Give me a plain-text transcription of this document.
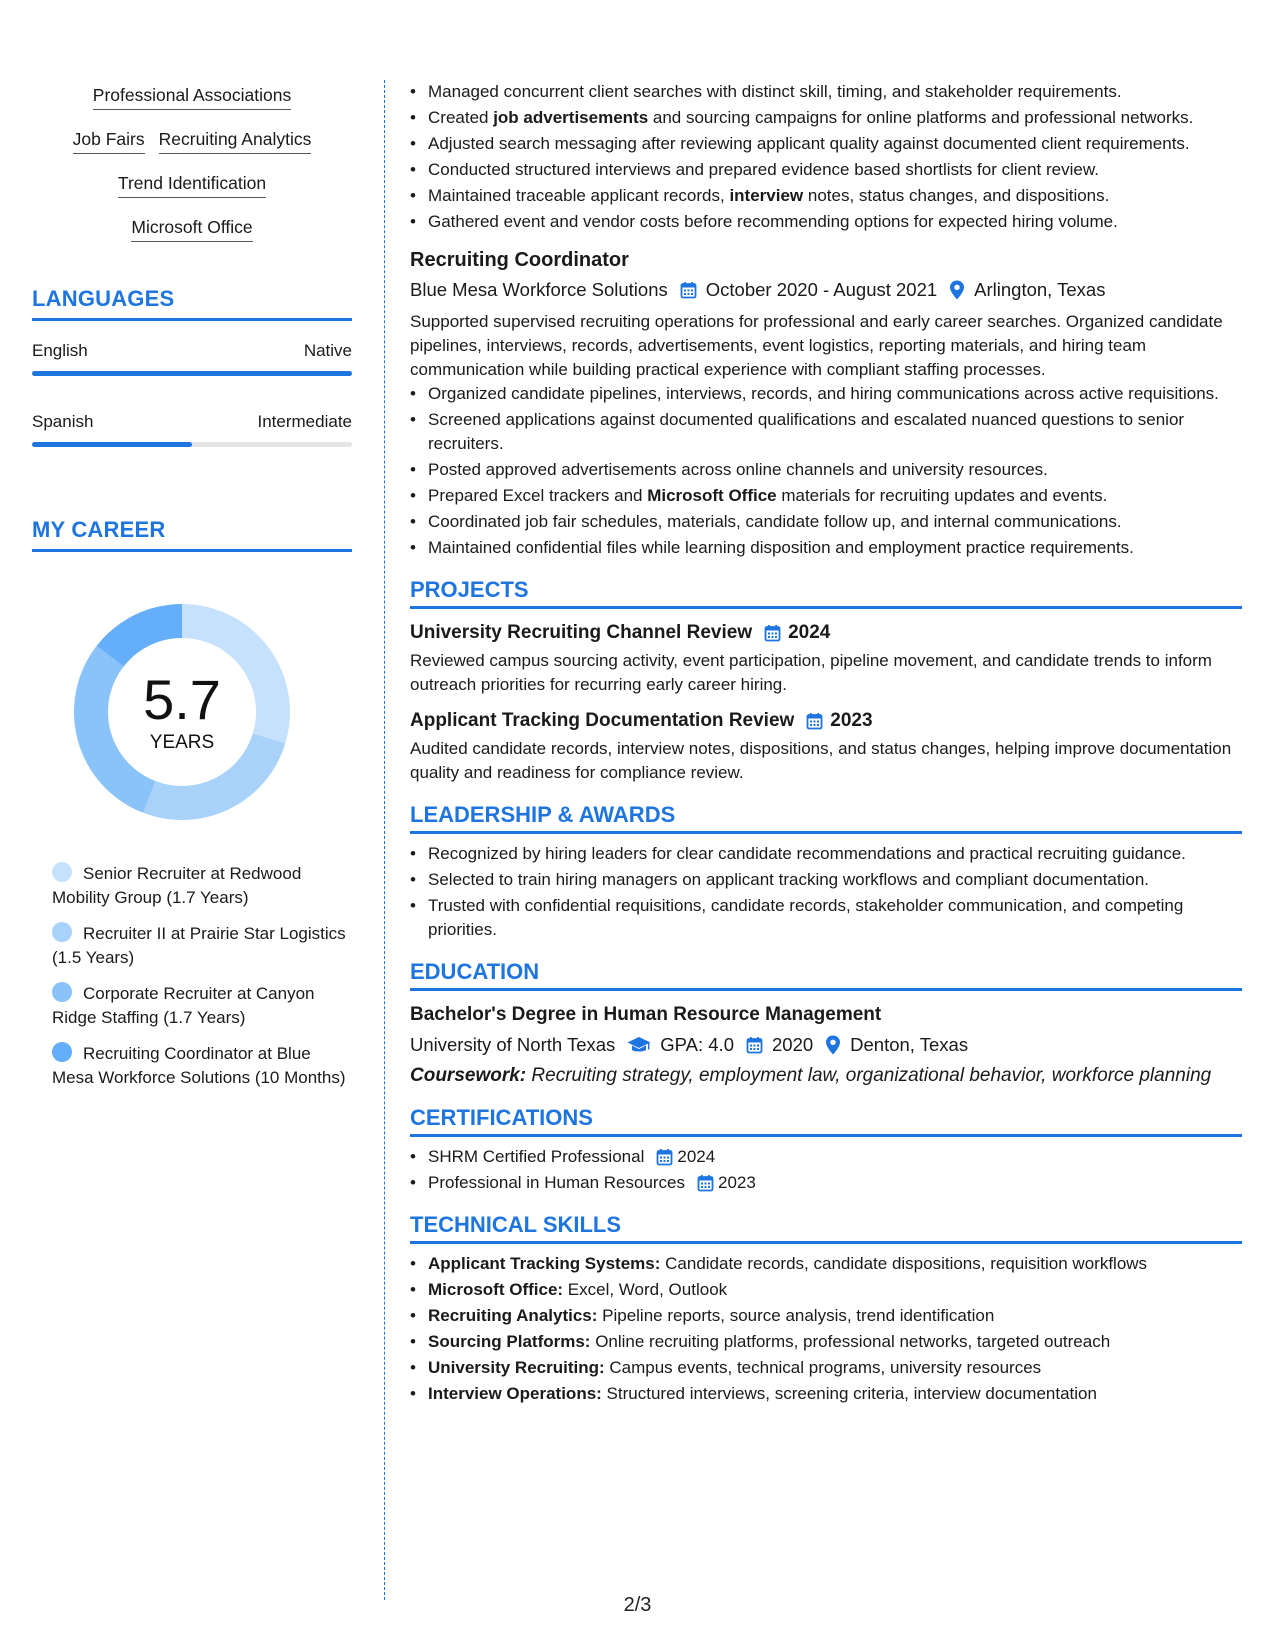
Professional Associations
Job Fairs Recruiting Analytics
Trend Identification
Microsoft Office
LANGUAGES
English	Native
Spanish	Intermediate
MY CAREER
5.7
YEARS
Senior Recruiter at Redwood Mobility Group (1.7 Years)
Recruiter II at Prairie Star Logistics (1.5 Years)
Corporate Recruiter at Canyon Ridge Staffing (1.7 Years)
Recruiting Coordinator at Blue Mesa Workforce Solutions (10 Months)
• Managed concurrent client searches with distinct skill, timing, and stakeholder requirements.
• Created job advertisements and sourcing campaigns for online platforms and professional networks.
• Adjusted search messaging after reviewing applicant quality against documented client requirements.
• Conducted structured interviews and prepared evidence based shortlists for client review.
• Maintained traceable applicant records, interview notes, status changes, and dispositions.
• Gathered event and vendor costs before recommending options for expected hiring volume.
Recruiting Coordinator
Blue Mesa Workforce Solutions October 2020 - August 2021 Arlington, Texas
Supported supervised recruiting operations for professional and early career searches. Organized candidate pipelines, interviews, records, advertisements, event logistics, reporting materials, and hiring team communication while building practical experience with compliant staffing processes.
• Organized candidate pipelines, interviews, records, and hiring communications across active requisitions.
• Screened applications against documented qualifications and escalated nuanced questions to senior recruiters.
• Posted approved advertisements across online channels and university resources.
• Prepared Excel trackers and Microsoft Office materials for recruiting updates and events.
• Coordinated job fair schedules, materials, candidate follow up, and internal communications.
• Maintained confidential files while learning disposition and employment practice requirements.
PROJECTS
University Recruiting Channel Review 2024
Reviewed campus sourcing activity, event participation, pipeline movement, and candidate trends to inform outreach priorities for recurring early career hiring.
Applicant Tracking Documentation Review 2023
Audited candidate records, interview notes, dispositions, and status changes, helping improve documentation quality and readiness for compliance review.
LEADERSHIP & AWARDS
• Recognized by hiring leaders for clear candidate recommendations and practical recruiting guidance.
• Selected to train hiring managers on applicant tracking workflows and compliant documentation.
• Trusted with confidential requisitions, candidate records, stakeholder communication, and competing priorities.
EDUCATION
Bachelor's Degree in Human Resource Management
University of North Texas GPA: 4.0 2020 Denton, Texas
Coursework: Recruiting strategy, employment law, organizational behavior, workforce planning
CERTIFICATIONS
• SHRM Certified Professional 2024
• Professional in Human Resources 2023
TECHNICAL SKILLS
• Applicant Tracking Systems: Candidate records, candidate dispositions, requisition workflows
• Microsoft Office: Excel, Word, Outlook
• Recruiting Analytics: Pipeline reports, source analysis, trend identification
• Sourcing Platforms: Online recruiting platforms, professional networks, targeted outreach
• University Recruiting: Campus events, technical programs, university resources
• Interview Operations: Structured interviews, screening criteria, interview documentation
2/3
